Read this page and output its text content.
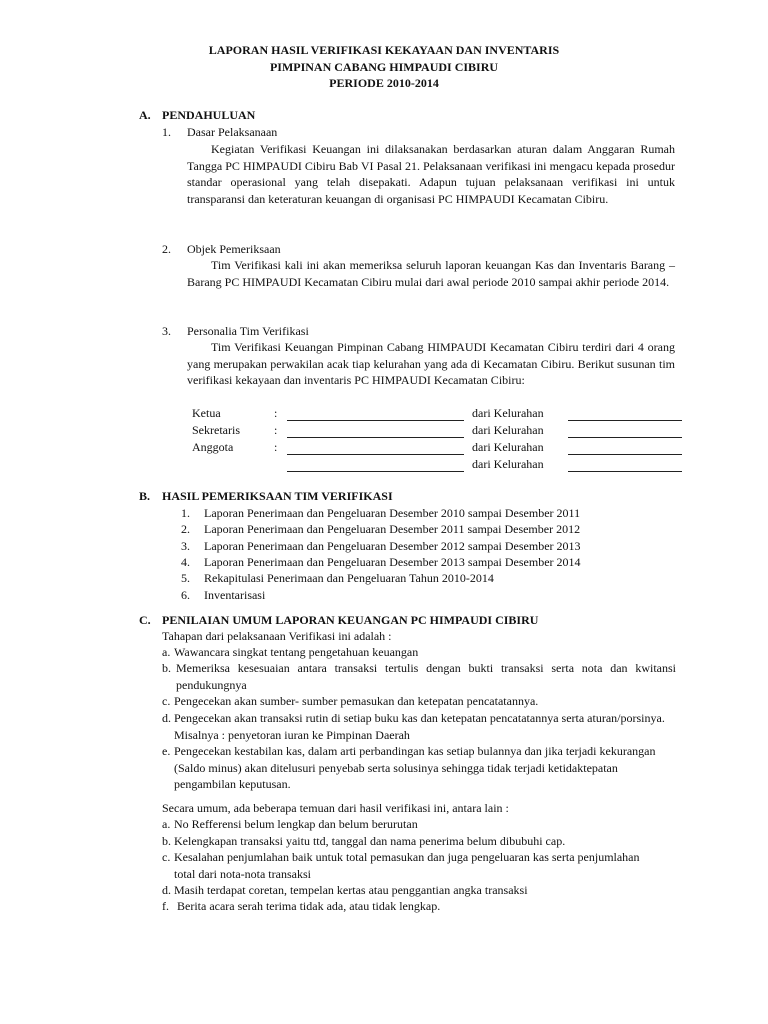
LAPORAN HASIL VERIFIKASI KEKAYAAN DAN INVENTARIS
PIMPINAN CABANG HIMPAUDI CIBIRU
PERIODE 2010-2014
A. PENDAHULUAN
1. Dasar Pelaksanaan
Kegiatan Verifikasi Keuangan ini dilaksanakan berdasarkan aturan dalam Anggaran Rumah Tangga PC HIMPAUDI Cibiru Bab VI Pasal 21. Pelaksanaan verifikasi ini mengacu kepada prosedur standar operasional yang telah disepakati. Adapun tujuan pelaksanaan verifikasi ini untuk transparansi dan keteraturan keuangan di organisasi PC HIMPAUDI Kecamatan Cibiru.
2. Objek Pemeriksaan
Tim Verifikasi kali ini akan memeriksa seluruh laporan keuangan Kas dan Inventaris Barang – Barang PC HIMPAUDI Kecamatan Cibiru mulai dari awal periode 2010 sampai akhir periode 2014.
3. Personalia Tim Verifikasi
Tim Verifikasi Keuangan Pimpinan Cabang HIMPAUDI Kecamatan Cibiru terdiri dari 4 orang yang merupakan perwakilan acak tiap kelurahan yang ada di Kecamatan Cibiru. Berikut susunan tim verifikasi kekayaan dan inventaris PC HIMPAUDI Kecamatan Cibiru:
Ketua	:	dari Kelurahan
Sekretaris	:	dari Kelurahan
Anggota	:	dari Kelurahan
dari Kelurahan
B. HASIL PEMERIKSAAN TIM VERIFIKASI
1. Laporan Penerimaan dan Pengeluaran Desember 2010 sampai Desember 2011
2. Laporan Penerimaan dan Pengeluaran Desember 2011 sampai Desember 2012
3. Laporan Penerimaan dan Pengeluaran Desember 2012 sampai Desember 2013
4. Laporan Penerimaan dan Pengeluaran Desember 2013 sampai Desember 2014
5. Rekapitulasi Penerimaan dan Pengeluaran Tahun 2010-2014
6. Inventarisasi
C. PENILAIAN UMUM LAPORAN KEUANGAN PC HIMPAUDI CIBIRU
Tahapan dari pelaksanaan Verifikasi ini adalah :
a. Wawancara singkat tentang pengetahuan keuangan
b. Memeriksa kesesuaian antara transaksi tertulis dengan bukti transaksi serta nota dan kwitansi pendukungnya
c. Pengecekan akan sumber- sumber pemasukan dan ketepatan pencatatannya.
d. Pengecekan akan transaksi rutin di setiap buku kas dan ketepatan pencatatannya serta aturan/porsinya. Misalnya : penyetoran iuran ke Pimpinan Daerah
e. Pengecekan kestabilan kas, dalam arti perbandingan kas setiap bulannya dan jika terjadi kekurangan (Saldo minus) akan ditelusuri penyebab serta solusinya sehingga tidak terjadi ketidaktepatan pengambilan keputusan.
Secara umum, ada beberapa temuan dari hasil verifikasi ini, antara lain :
a. No Refferensi belum lengkap dan belum berurutan
b. Kelengkapan transaksi yaitu ttd, tanggal dan nama penerima belum dibubuhi cap.
c. Kesalahan penjumlahan baik untuk total pemasukan dan juga pengeluaran kas serta penjumlahan total dari nota-nota transaksi
d. Masih terdapat coretan, tempelan kertas atau penggantian angka transaksi
f. Berita acara serah terima tidak ada, atau tidak lengkap.
